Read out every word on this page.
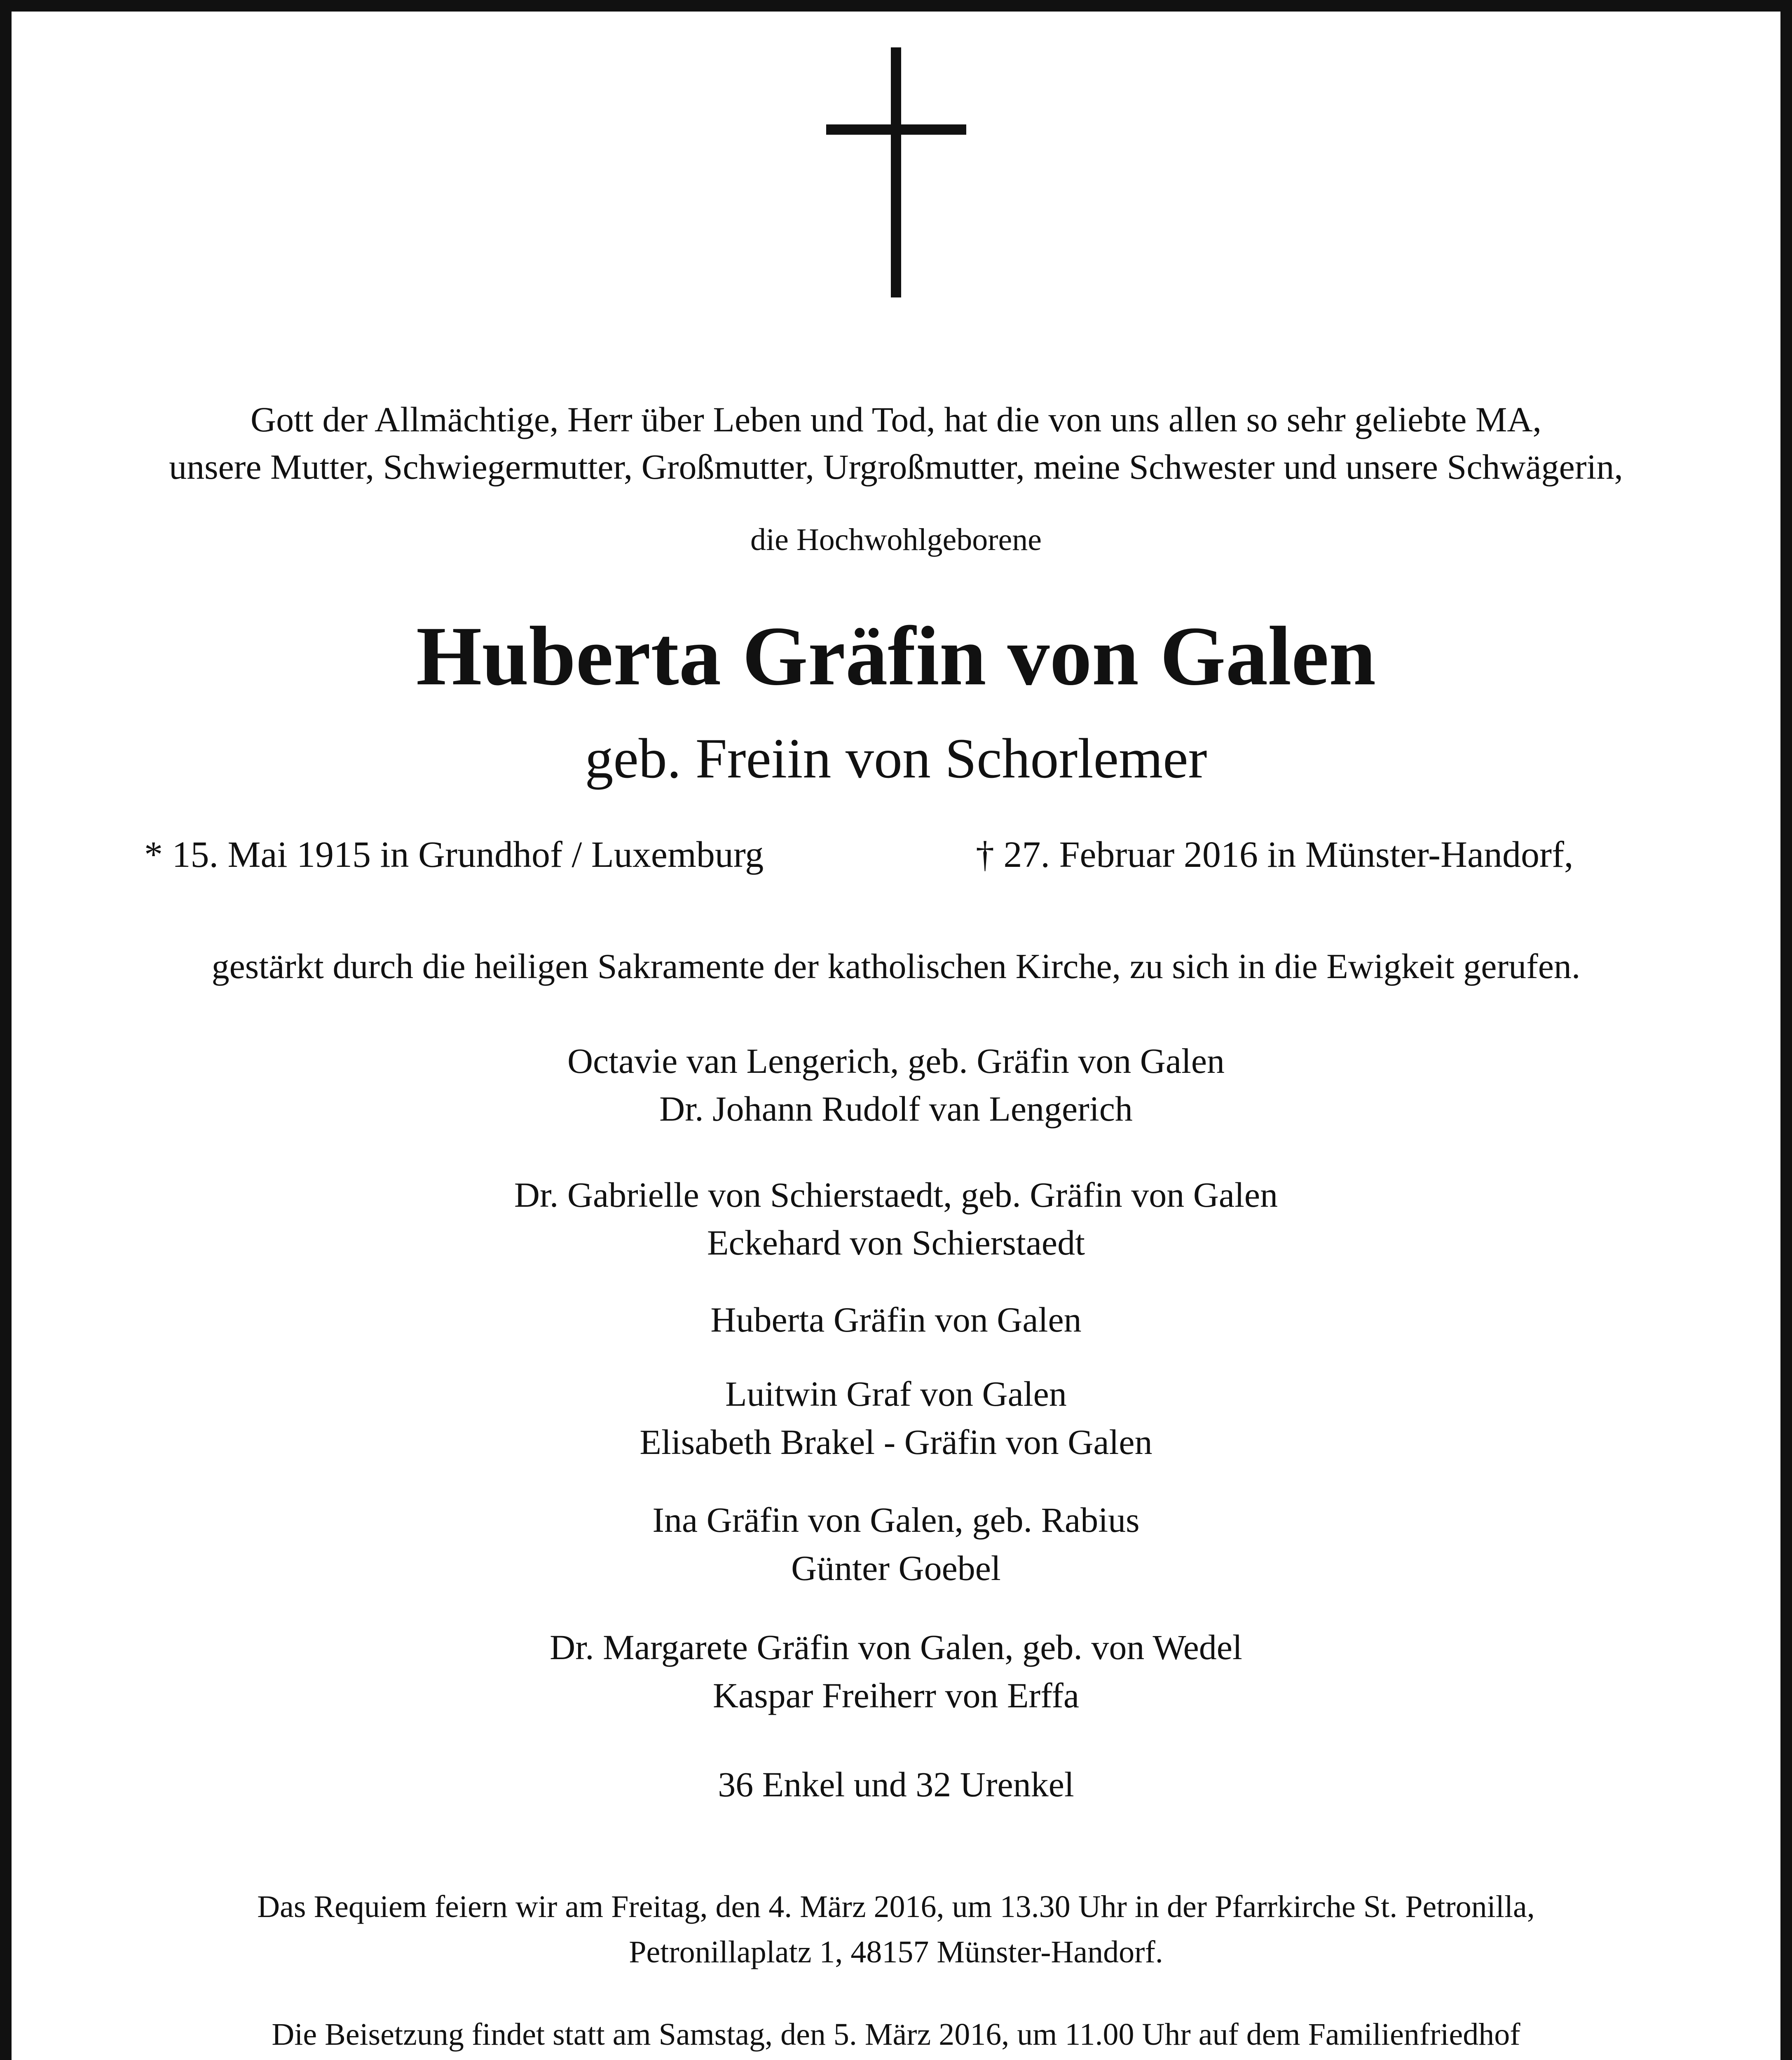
Gott der Allmächtige, Herr über Leben und Tod, hat die von uns allen so sehr geliebte MA,
unsere Mutter, Schwiegermutter, Großmutter, Urgroßmutter, meine Schwester und unsere Schwägerin,
die Hochwohlgeborene
Huberta Gräfin von Galen
geb. Freiin von Schorlemer
* 15. Mai 1915 in Grundhof / Luxemburg	† 27. Februar 2016 in Münster-Handorf,
gestärkt durch die heiligen Sakramente der katholischen Kirche, zu sich in die Ewigkeit gerufen.
Octavie van Lengerich, geb. Gräfin von Galen
Dr. Johann Rudolf van Lengerich
Dr. Gabrielle von Schierstaedt, geb. Gräfin von Galen
Eckehard von Schierstaedt
Huberta Gräfin von Galen
Luitwin Graf von Galen
Elisabeth Brakel - Gräfin von Galen
Ina Gräfin von Galen, geb. Rabius
Günter Goebel
Dr. Margarete Gräfin von Galen, geb. von Wedel
Kaspar Freiherr von Erffa
36 Enkel und 32 Urenkel
Das Requiem feiern wir am Freitag, den 4. März 2016, um 13.30 Uhr in der Pfarrkirche St. Petronilla,
Petronillaplatz 1, 48157 Münster-Handorf.
Die Beisetzung findet statt am Samstag, den 5. März 2016, um 11.00 Uhr auf dem Familienfriedhof
